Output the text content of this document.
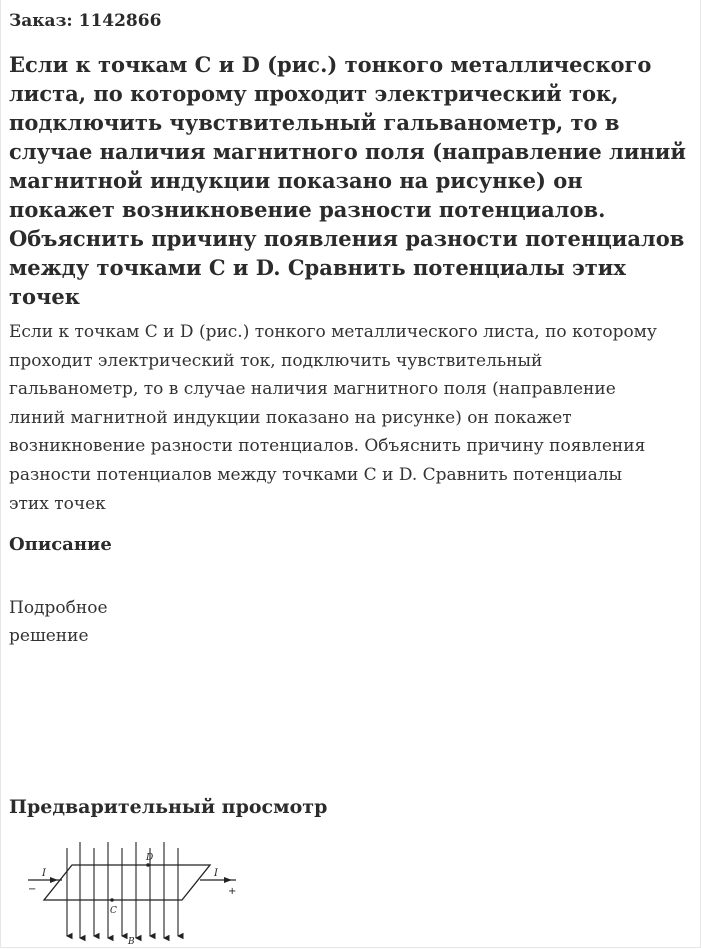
Заказ: 1142866
Если к точкам С и D (рис.) тонкого металлического листа, по которому проходит электрический ток, подключить чувствительный гальванометр, то в случае наличия магнитного поля (направление линий магнитной индукции показано на рисунке) он покажет возникновение разности потенциалов. Объяснить причину появления разности потенциалов между точками C и D. Сравнить потенциалы этих точек

Если к точкам С и D (рис.) тонкого металлического листа, по которому проходит электрический ток, подключить чувствительный гальванометр, то в случае наличия магнитного поля (направление линий магнитной индукции показано на рисунке) он покажет возникновение разности потенциалов. Объяснить причину появления разности потенциалов между точками C и D. Сравнить потенциалы этих точек

Описание

Подробное решение

Предварительный просмотр
I	I
−	+
D
C
B
